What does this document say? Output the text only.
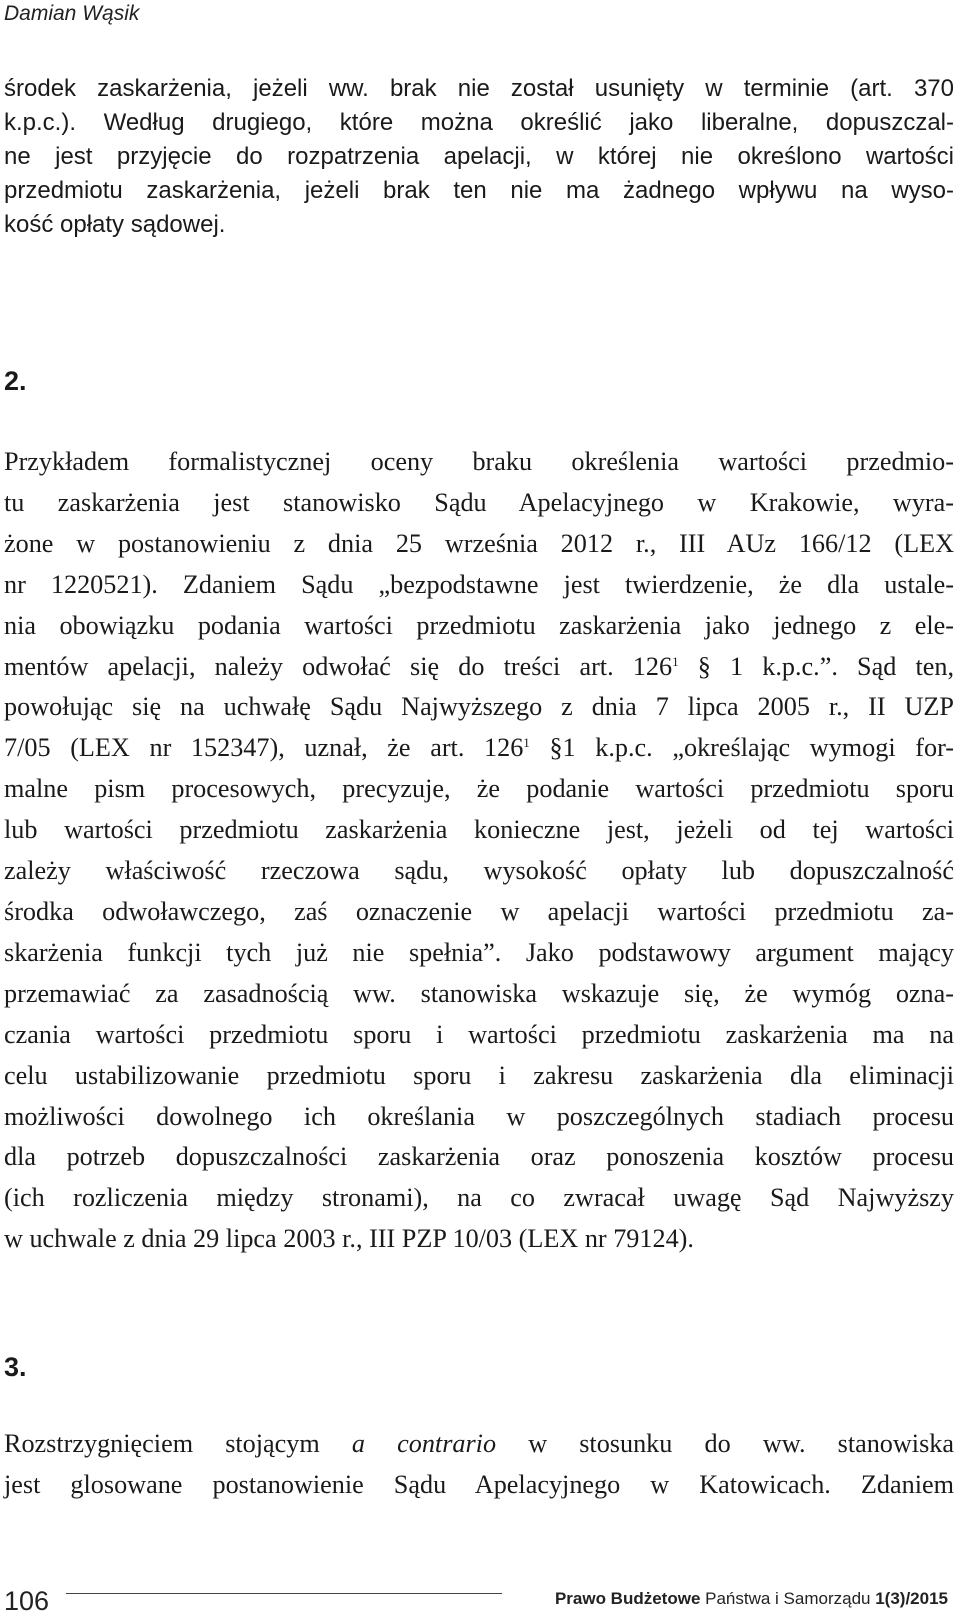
Damian Wąsik
środek zaskarżenia, jeżeli ww. brak nie został usunięty w terminie (art. 370
k.p.c.). Według drugiego, które można określić jako liberalne, dopuszczal-
ne jest przyjęcie do rozpatrzenia apelacji, w której nie określono wartości
przedmiotu zaskarżenia, jeżeli brak ten nie ma żadnego wpływu na wyso-
kość opłaty sądowej.
2.
Przykładem formalistycznej oceny braku określenia wartości przedmio-
tu zaskarżenia jest stanowisko Sądu Apelacyjnego w Krakowie, wyra-
żone w postanowieniu z dnia 25 września 2012 r., III AUz 166/12 (LEX
nr 1220521). Zdaniem Sądu „bezpodstawne jest twierdzenie, że dla ustale-
nia obowiązku podania wartości przedmiotu zaskarżenia jako jednego z ele-
mentów apelacji, należy odwołać się do treści art. $126^1$ § 1 k.p.c.”. Sąd ten,
powołując się na uchwałę Sądu Najwyższego z dnia 7 lipca 2005 r., II UZP
7/05 (LEX nr 152347), uznał, że art. $126^1$ §1 k.p.c. „określając wymogi for-
malne pism procesowych, precyzuje, że podanie wartości przedmiotu sporu
lub wartości przedmiotu zaskarżenia konieczne jest, jeżeli od tej wartości
zależy właściwość rzeczowa sądu, wysokość opłaty lub dopuszczalność
środka odwoławczego, zaś oznaczenie w apelacji wartości przedmiotu za-
skarżenia funkcji tych już nie spełnia”. Jako podstawowy argument mający
przemawiać za zasadnością ww. stanowiska wskazuje się, że wymóg ozna-
czania wartości przedmiotu sporu i wartości przedmiotu zaskarżenia ma na
celu ustabilizowanie przedmiotu sporu i zakresu zaskarżenia dla eliminacji
możliwości dowolnego ich określania w poszczególnych stadiach procesu
dla potrzeb dopuszczalności zaskarżenia oraz ponoszenia kosztów procesu
(ich rozliczenia między stronami), na co zwracał uwagę Sąd Najwyższy
w uchwale z dnia 29 lipca 2003 r., III PZP 10/03 (LEX nr 79124).
3.
Rozstrzygnięciem stojącym a contrario w stosunku do ww. stanowiska
jest glosowane postanowienie Sądu Apelacyjnego w Katowicach. Zdaniem
106	Prawo Budżetowe Państwa i Samorządu 1(3)/2015
